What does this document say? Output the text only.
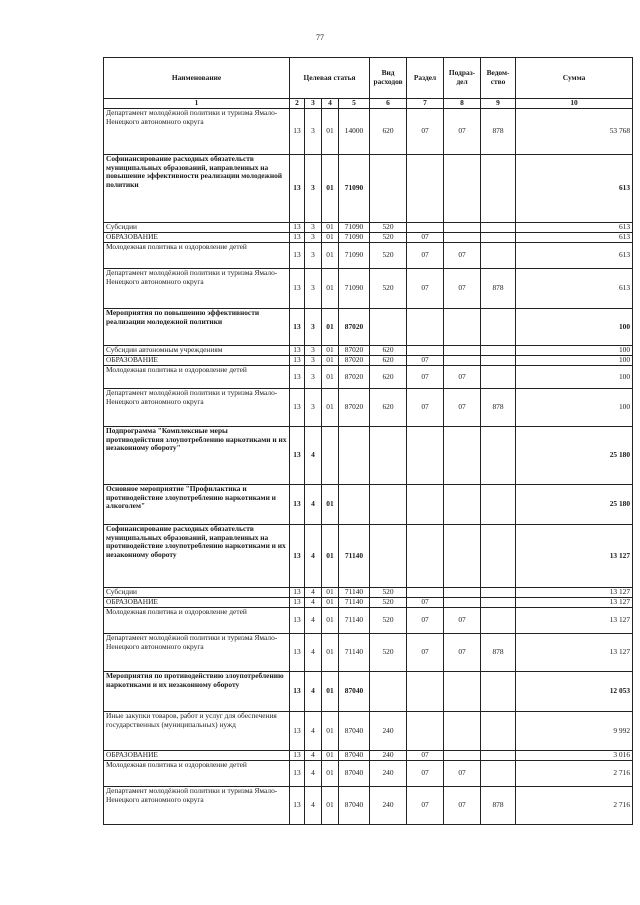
77
Наименование	Целевая статья				Вид расходов	Раздел	Подраз-дел	Ведом-ство	Сумма
1	2	3	4	5	6	7	8	9	10
Департамент молодёжной политики и туризма Ямало-Ненецкого автономного округа	13	3	01	14000	620	07	07	878	53 768
Софинансирование расходных обязательств муниципальных образований, направленных на повышение эффективности реализации молодежной политики	13	3	01	71090					613
Субсидии	13	3	01	71090	520				613
ОБРАЗОВАНИЕ	13	3	01	71090	520	07			613
Молодежная политика и оздоровление детей	13	3	01	71090	520	07	07		613
Департамент молодёжной политики и туризма Ямало-Ненецкого автономного округа	13	3	01	71090	520	07	07	878	613
Мероприятия по повышению эффективности реализации молодежной политики	13	3	01	87020					100
Субсидии автономным учреждениям	13	3	01	87020	620				100
ОБРАЗОВАНИЕ	13	3	01	87020	620	07			100
Молодежная политика и оздоровление детей	13	3	01	87020	620	07	07		100
Департамент молодёжной политики и туризма Ямало-Ненецкого автономного округа	13	3	01	87020	620	07	07	878	100
Подпрограмма "Комплексные меры противодействия злоупотреблению наркотиками и их незаконному обороту"	13	4							25 180
Основное мероприятие "Профилактика и противодействие злоупотреблению наркотиками и алкоголем"	13	4	01						25 180
Софинансирование расходных обязательств муниципальных образований, направленных на противодействие злоупотреблению наркотиками и их незаконному обороту	13	4	01	71140					13 127
Субсидии	13	4	01	71140	520				13 127
ОБРАЗОВАНИЕ	13	4	01	71140	520	07			13 127
Молодежная политика и оздоровление детей	13	4	01	71140	520	07	07		13 127
Департамент молодёжной политики и туризма Ямало-Ненецкого автономного округа	13	4	01	71140	520	07	07	878	13 127
Мероприятия по противодействию злоупотреблению наркотиками и их незаконному обороту	13	4	01	87040					12 053
Иные закупки товаров, работ и услуг для обеспечения государственных (муниципальных) нужд	13	4	01	87040	240				9 992
ОБРАЗОВАНИЕ	13	4	01	87040	240	07			3 016
Молодежная политика и оздоровление детей	13	4	01	87040	240	07	07		2 716
Департамент молодёжной политики и туризма Ямало-Ненецкого автономного округа	13	4	01	87040	240	07	07	878	2 716
